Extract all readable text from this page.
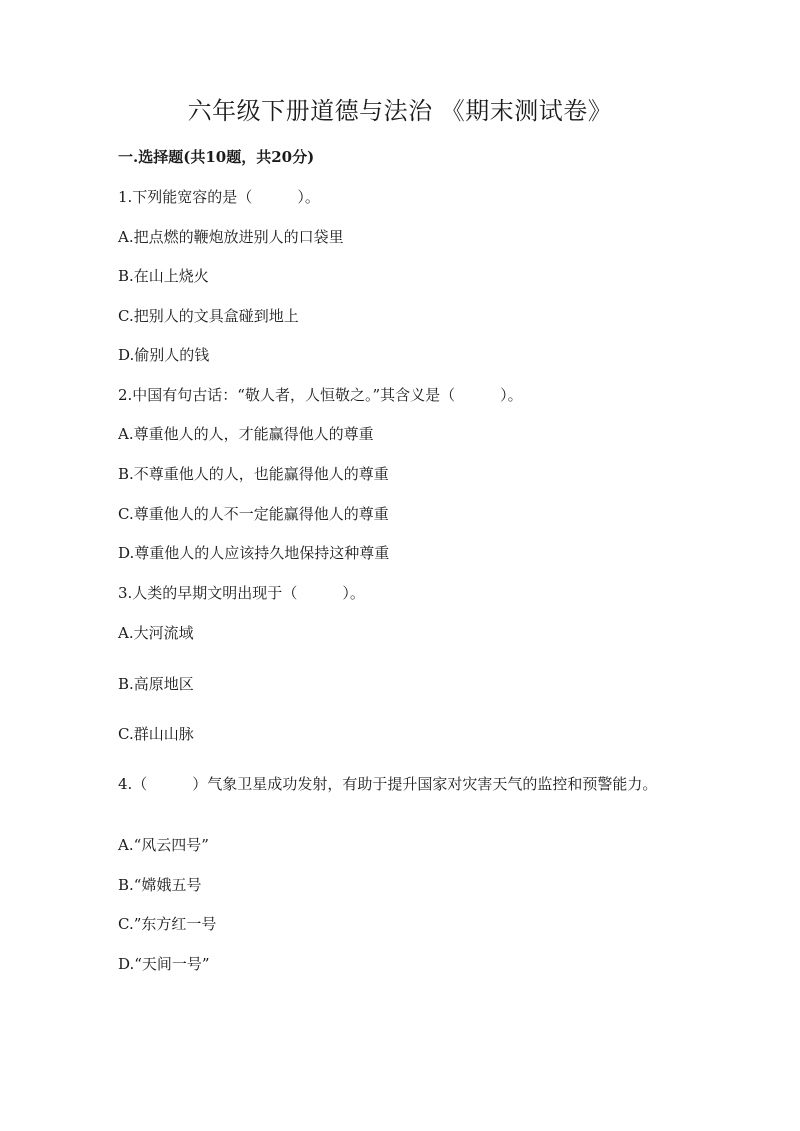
六年级下册道德与法治 《期末测试卷》
一.选择题(共10题，共20分)
1.下列能宽容的是（　　　）。
A.把点燃的鞭炮放进别人的口袋里
B.在山上烧火
C.把别人的文具盒碰到地上
D.偷别人的钱
2.中国有句古话：“敬人者，人恒敬之。”其含义是（　　　）。
A.尊重他人的人，才能赢得他人的尊重
B.不尊重他人的人，也能赢得他人的尊重
C.尊重他人的人不一定能赢得他人的尊重
D.尊重他人的人应该持久地保持这种尊重
3.人类的早期文明出现于（　　　）。
A.大河流域
B.高原地区
C.群山山脉
4.（　　　）气象卫星成功发射，有助于提升国家对灾害天气的监控和预警能力。
A.“风云四号”
B.“嫦娥五号
C.”东方红一号
D.“天间一号”
